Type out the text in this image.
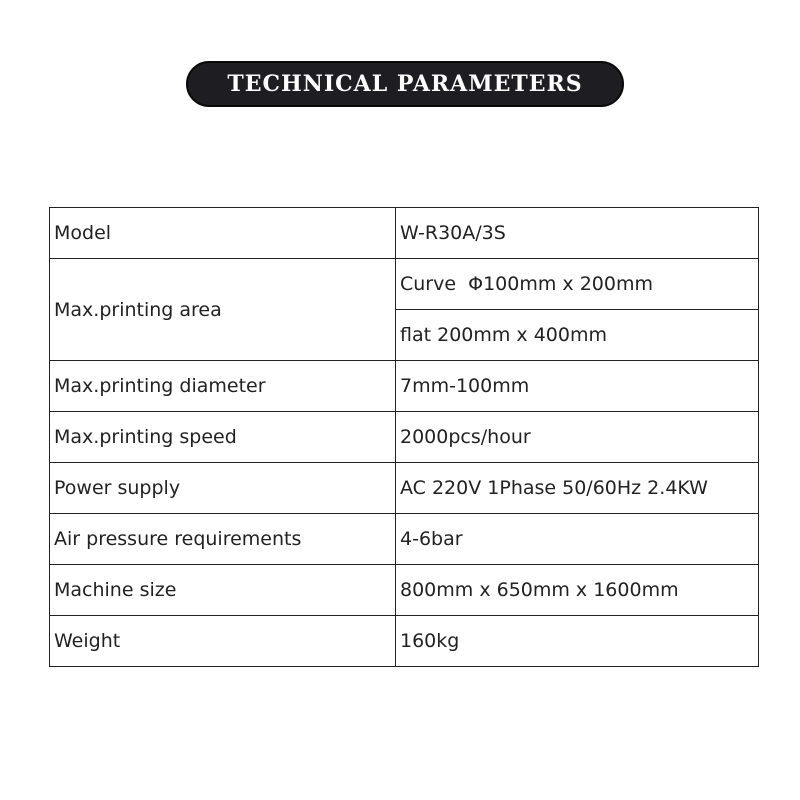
TECHNICAL PARAMETERS
Model	W-R30A/3S
Max.printing area	Curve  Φ100mm x 200mm
	flat 200mm x 400mm
Max.printing diameter	7mm-100mm
Max.printing speed	2000pcs/hour
Power supply	AC 220V 1Phase 50/60Hz 2.4KW
Air pressure requirements	4-6bar
Machine size	800mm x 650mm x 1600mm
Weight	160kg
